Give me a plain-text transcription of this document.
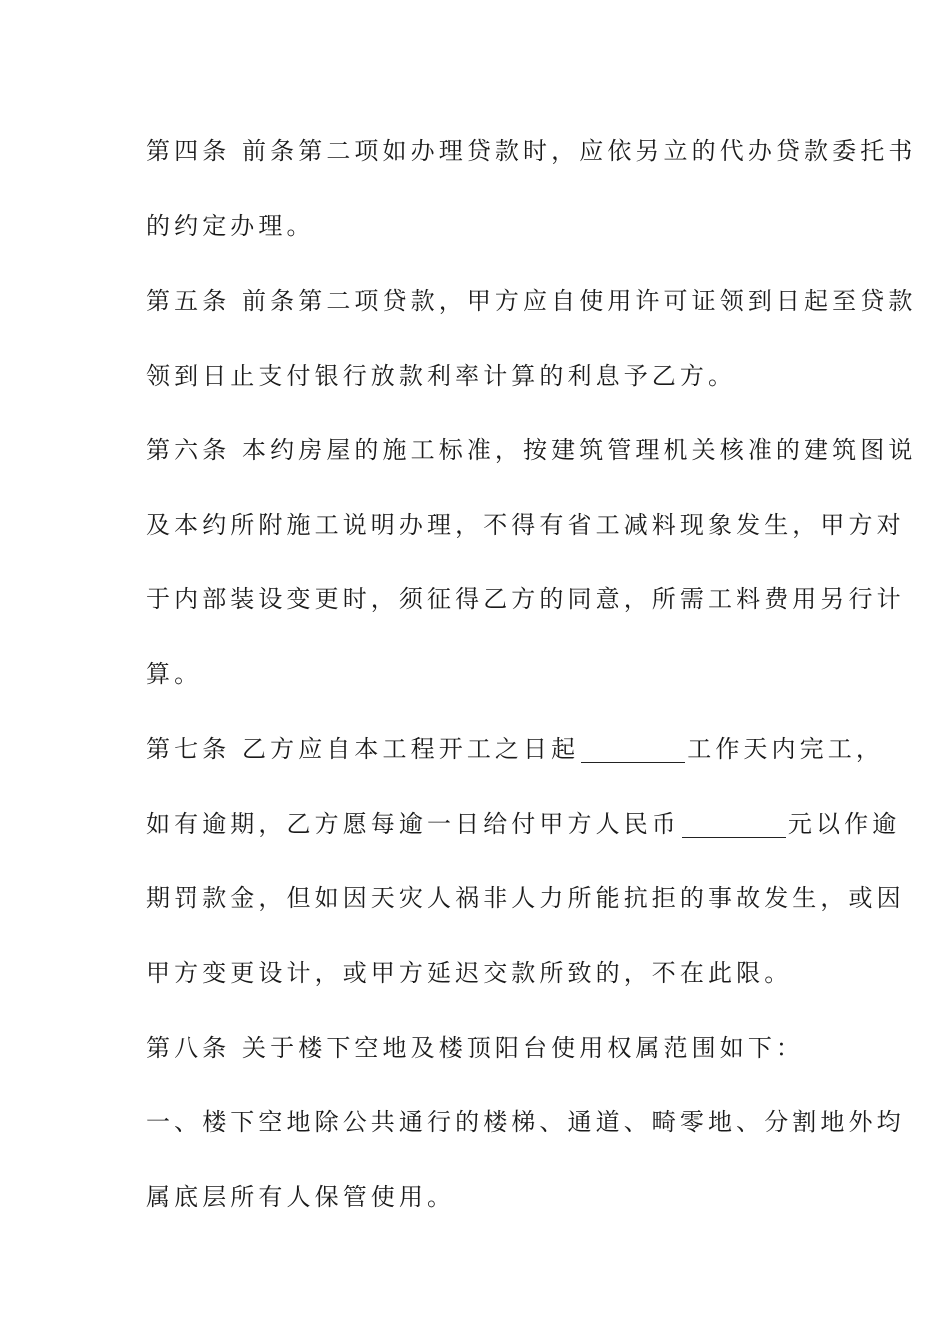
第四条 前条第二项如办理贷款时，应依另立的代办贷款委托书
的约定办理。
第五条 前条第二项贷款，甲方应自使用许可证领到日起至贷款
领到日止支付银行放款利率计算的利息予乙方。
第六条 本约房屋的施工标准，按建筑管理机关核准的建筑图说
及本约所附施工说明办理，不得有省工减料现象发生，甲方对
于内部装设变更时，须征得乙方的同意，所需工料费用另行计
算。
第七条 乙方应自本工程开工之日起	工作天内完工，
如有逾期，乙方愿每逾一日给付甲方人民币	元以作逾
期罚款金，但如因天灾人祸非人力所能抗拒的事故发生，或因
甲方变更设计，或甲方延迟交款所致的，不在此限。
第八条 关于楼下空地及楼顶阳台使用权属范围如下：
一、楼下空地除公共通行的楼梯、通道、畸零地、分割地外均
属底层所有人保管使用。
